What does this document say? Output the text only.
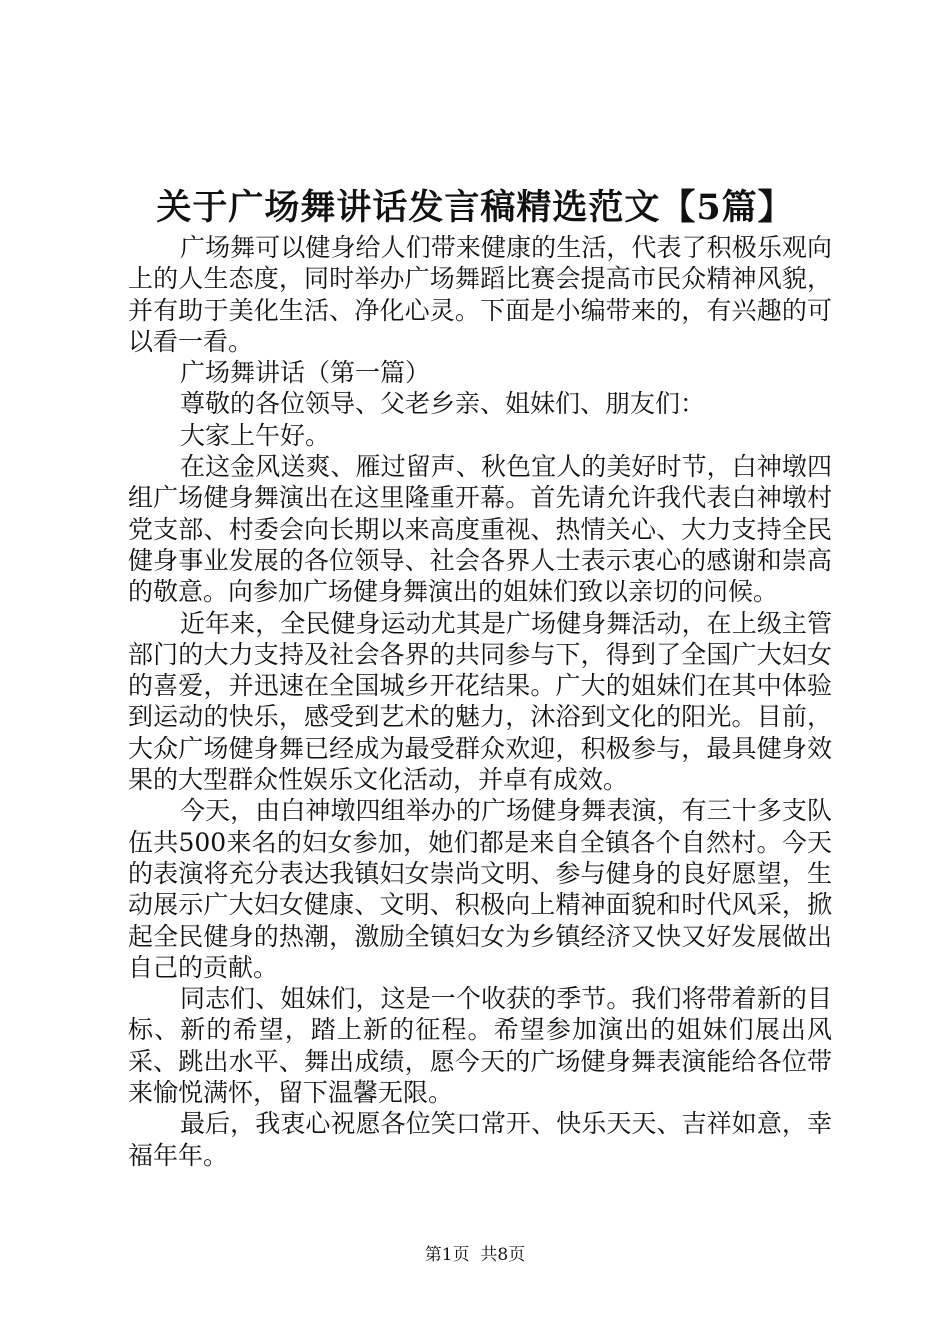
关于广场舞讲话发言稿精选范文【5篇】

广场舞可以健身给人们带来健康的生活，代表了积极乐观向上的人生态度，同时举办广场舞蹈比赛会提高市民众精神风貌，并有助于美化生活、净化心灵。下面是小编带来的，有兴趣的可以看一看。

广场舞讲话（第一篇）

尊敬的各位领导、父老乡亲、姐妹们、朋友们：

大家上午好。

在这金风送爽、雁过留声、秋色宜人的美好时节，白神墩四组广场健身舞演出在这里隆重开幕。首先请允许我代表白神墩村党支部、村委会向长期以来高度重视、热情关心、大力支持全民健身事业发展的各位领导、社会各界人士表示衷心的感谢和崇高的敬意。向参加广场健身舞演出的姐妹们致以亲切的问候。

近年来，全民健身运动尤其是广场健身舞活动，在上级主管部门的大力支持及社会各界的共同参与下，得到了全国广大妇女的喜爱，并迅速在全国城乡开花结果。广大的姐妹们在其中体验到运动的快乐，感受到艺术的魅力，沐浴到文化的阳光。目前，大众广场健身舞已经成为最受群众欢迎，积极参与，最具健身效果的大型群众性娱乐文化活动，并卓有成效。

今天，由白神墩四组举办的广场健身舞表演，有三十多支队伍共500来名的妇女参加，她们都是来自全镇各个自然村。今天的表演将充分表达我镇妇女崇尚文明、参与健身的良好愿望，生动展示广大妇女健康、文明、积极向上精神面貌和时代风采，掀起全民健身的热潮，激励全镇妇女为乡镇经济又快又好发展做出自己的贡献。

同志们、姐妹们，这是一个收获的季节。我们将带着新的目标、新的希望，踏上新的征程。希望参加演出的姐妹们展出风采、跳出水平、舞出成绩，愿今天的广场健身舞表演能给各位带来愉悦满怀，留下温馨无限。

最后，我衷心祝愿各位笑口常开、快乐天天、吉祥如意，幸福年年。

第1页  共8页
